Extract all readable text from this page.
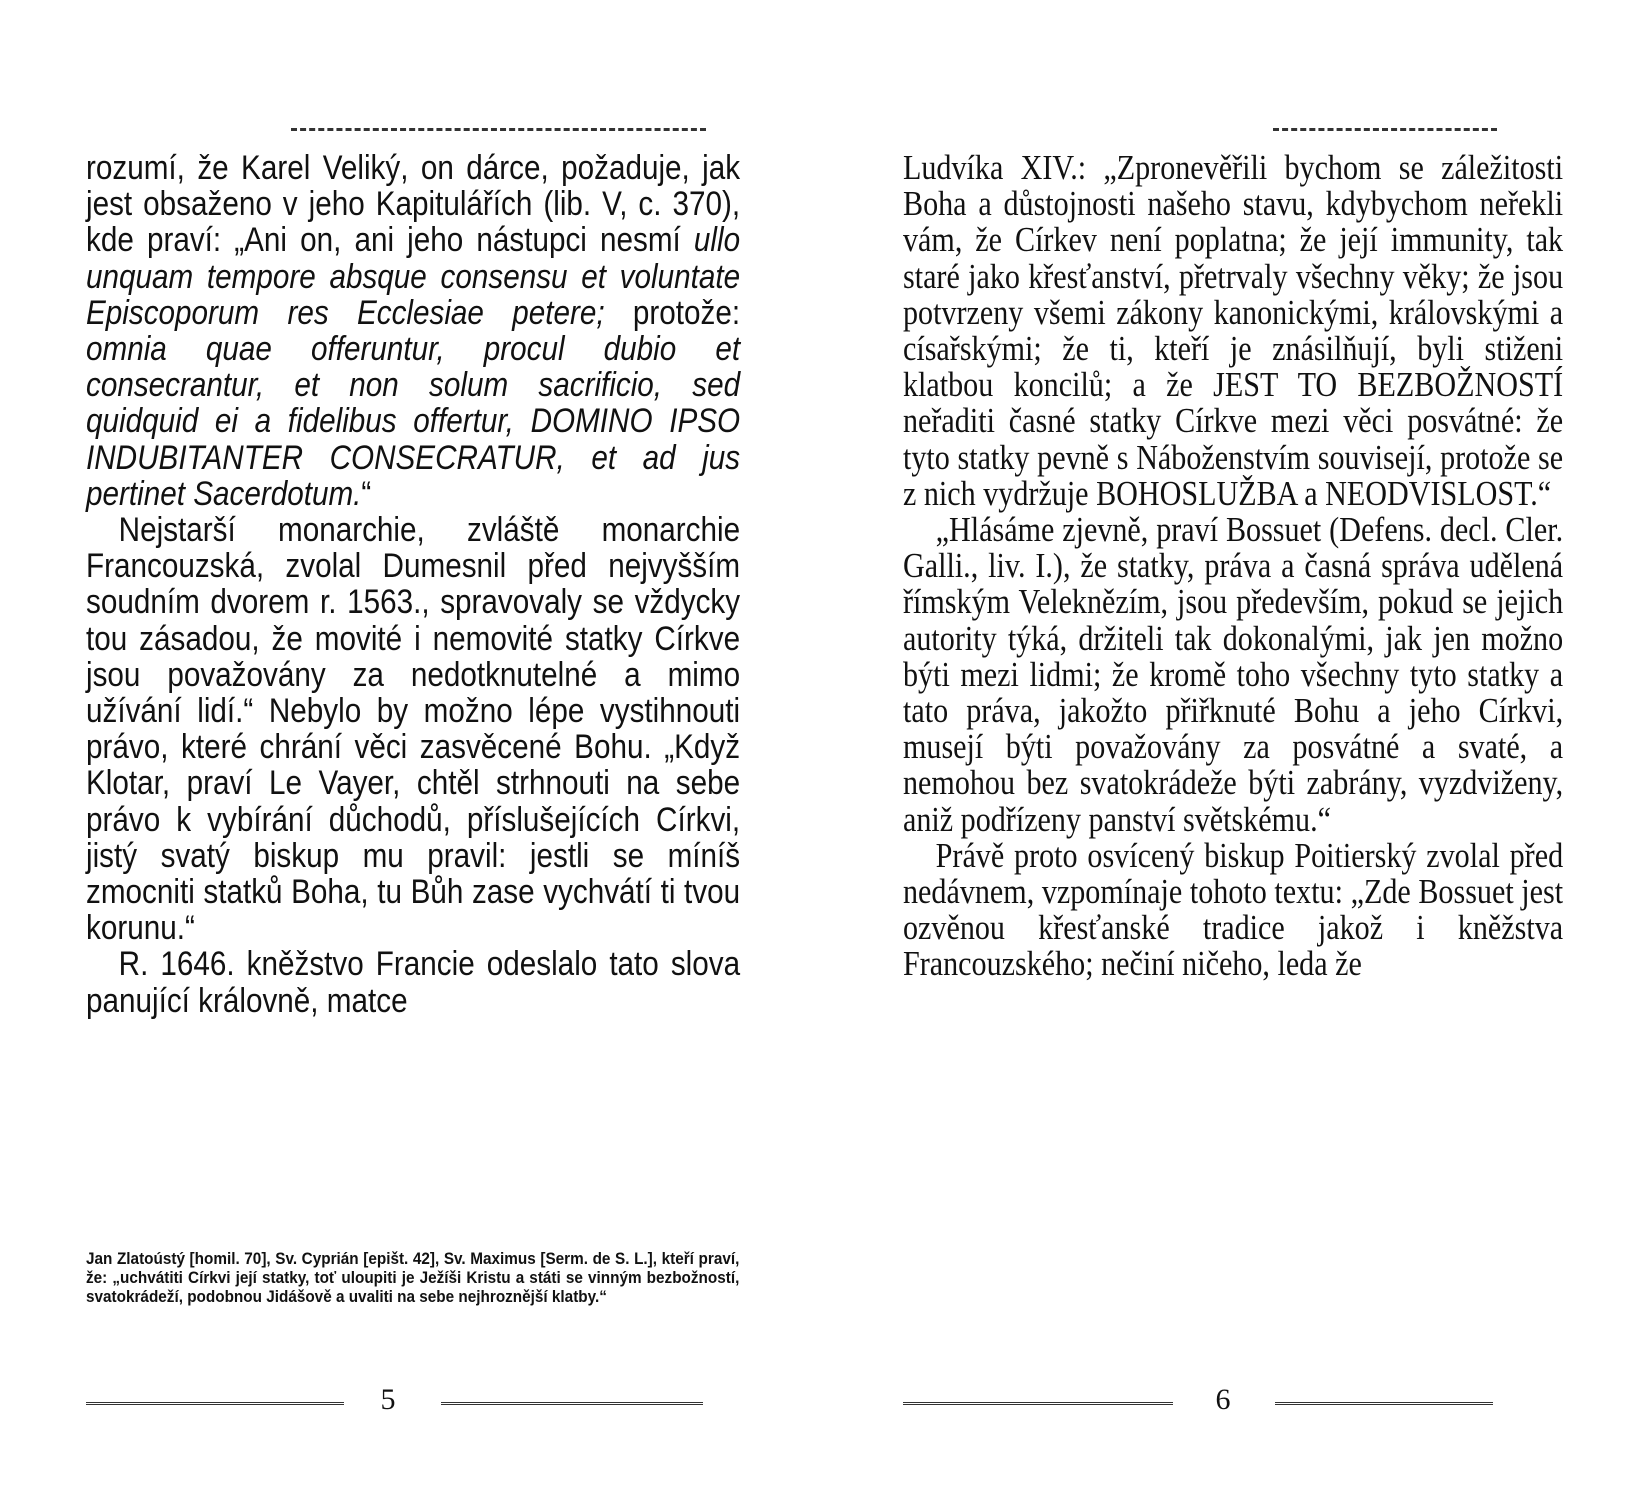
rozumí, že Karel Veliký, on dárce, požaduje, jak jest obsaženo v jeho Kapitulářích (lib. V, c. 370), kde praví: „Ani on, ani jeho nástupci nesmí ullo unquam tempore absque consensu et voluntate Episcoporum res Ecclesiae petere; protože: omnia quae offeruntur, procul dubio et consecrantur, et non solum sacrificio, sed quidquid ei a fidelibus offertur, DOMINO IPSO INDUBITANTER CONSECRATUR, et ad jus pertinet Sacerdotum.“

Nejstarší monarchie, zvláště monarchie Francouzská, zvolal Dumesnil před nejvyšším soudním dvorem r. 1563., spravovaly se vždycky tou zásadou, že movité i nemovité statky Církve jsou považovány za nedotknutelné a mimo užívání lidí.“ Nebylo by možno lépe vystihnouti právo, které chrání věci zasvěcené Bohu. „Když Klotar, praví Le Vayer, chtěl strhnouti na sebe právo k vybírání důchodů, příslušejících Církvi, jistý svatý biskup mu pravil: jestli se míníš zmocniti statků Boha, tu Bůh zase vychvátí ti tvou korunu.“

R. 1646. kněžstvo Francie odeslalo tato slova panující královně, matce

Jan Zlatoústý [homil. 70], Sv. Cyprián [epišt. 42], Sv. Maximus [Serm. de S. L.], kteří praví, že: „uchvátiti Církvi její statky, toť uloupiti je Ježíši Kristu a státi se vinným bezbožností, svatokrádeží, podobnou Jidášově a uvaliti na sebe nejhroznější klatby.“
5

Ludvíka XIV.: „Zpronevěřili bychom se záležitosti Boha a důstojnosti našeho stavu, kdybychom neřekli vám, že Církev není poplatna; že její immunity, tak staré jako křesťanství, přetrvaly všechny věky; že jsou potvrzeny všemi zákony kanonickými, královskými a císařskými; že ti, kteří je znásilňují, byli stiženi klatbou koncilů; a že JEST TO BEZBOŽNOSTÍ neřaditi časné statky Církve mezi věci posvátné: že tyto statky pevně s Náboženstvím souvisejí, protože se z nich vydržuje BOHOSLUŽBA a NEODVISLOST.“

„Hlásáme zjevně, praví Bossuet (Defens. decl. Cler. Galli., liv. I.), že statky, práva a časná správa udělená římským Veleknězím, jsou především, pokud se jejich autority týká, držiteli tak dokonalými, jak jen možno býti mezi lidmi; že kromě toho všechny tyto statky a tato práva, jakožto přiřknuté Bohu a jeho Církvi, musejí býti považovány za posvátné a svaté, a nemohou bez svatokrádeže býti zabrány, vyzdviženy, aniž podřízeny panství světskému.“

Právě proto osvícený biskup Poitierský zvolal před nedávnem, vzpomínaje tohoto textu: „Zde Bossuet jest ozvěnou křesťanské tradice jakož i kněžstva Francouzského; nečiní ničeho, leda že

6
